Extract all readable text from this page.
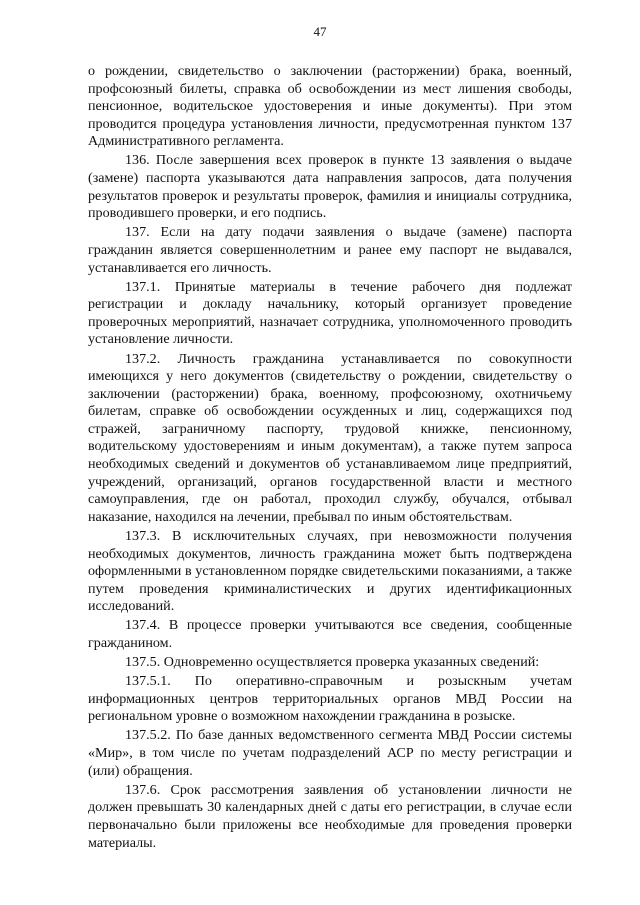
47

о рождении, свидетельство о заключении (расторжении) брака, военный, профсоюзный билеты, справка об освобождении из мест лишения свободы, пенсионное, водительское удостоверения и иные документы). При этом проводится процедура установления личности, предусмотренная пунктом 137 Административного регламента.

136. После завершения всех проверок в пункте 13 заявления о выдаче (замене) паспорта указываются дата направления запросов, дата получения результатов проверок и результаты проверок, фамилия и инициалы сотрудника, проводившего проверки, и его подпись.

137. Если на дату подачи заявления о выдаче (замене) паспорта гражданин является совершеннолетним и ранее ему паспорт не выдавался, устанавливается его личность.

137.1. Принятые материалы в течение рабочего дня подлежат регистрации и докладу начальнику, который организует проведение проверочных мероприятий, назначает сотрудника, уполномоченного проводить установление личности.

137.2. Личность гражданина устанавливается по совокупности имеющихся у него документов (свидетельству о рождении, свидетельству о заключении (расторжении) брака, военному, профсоюзному, охотничьему билетам, справке об освобождении осужденных и лиц, содержащихся под стражей, заграничному паспорту, трудовой книжке, пенсионному, водительскому удостоверениям и иным документам), а также путем запроса необходимых сведений и документов об устанавливаемом лице предприятий, учреждений, организаций, органов государственной власти и местного самоуправления, где он работал, проходил службу, обучался, отбывал наказание, находился на лечении, пребывал по иным обстоятельствам.

137.3. В исключительных случаях, при невозможности получения необходимых документов, личность гражданина может быть подтверждена оформленными в установленном порядке свидетельскими показаниями, а также путем проведения криминалистических и других идентификационных исследований.

137.4. В процессе проверки учитываются все сведения, сообщенные гражданином.

137.5. Одновременно осуществляется проверка указанных сведений:

137.5.1. По оперативно-справочным и розыскным учетам информационных центров территориальных органов МВД России на региональном уровне о возможном нахождении гражданина в розыске.

137.5.2. По базе данных ведомственного сегмента МВД России системы «Мир», в том числе по учетам подразделений АСР по месту регистрации и (или) обращения.

137.6. Срок рассмотрения заявления об установлении личности не должен превышать 30 календарных дней с даты его регистрации, в случае если первоначально были приложены все необходимые для проведения проверки материалы.
